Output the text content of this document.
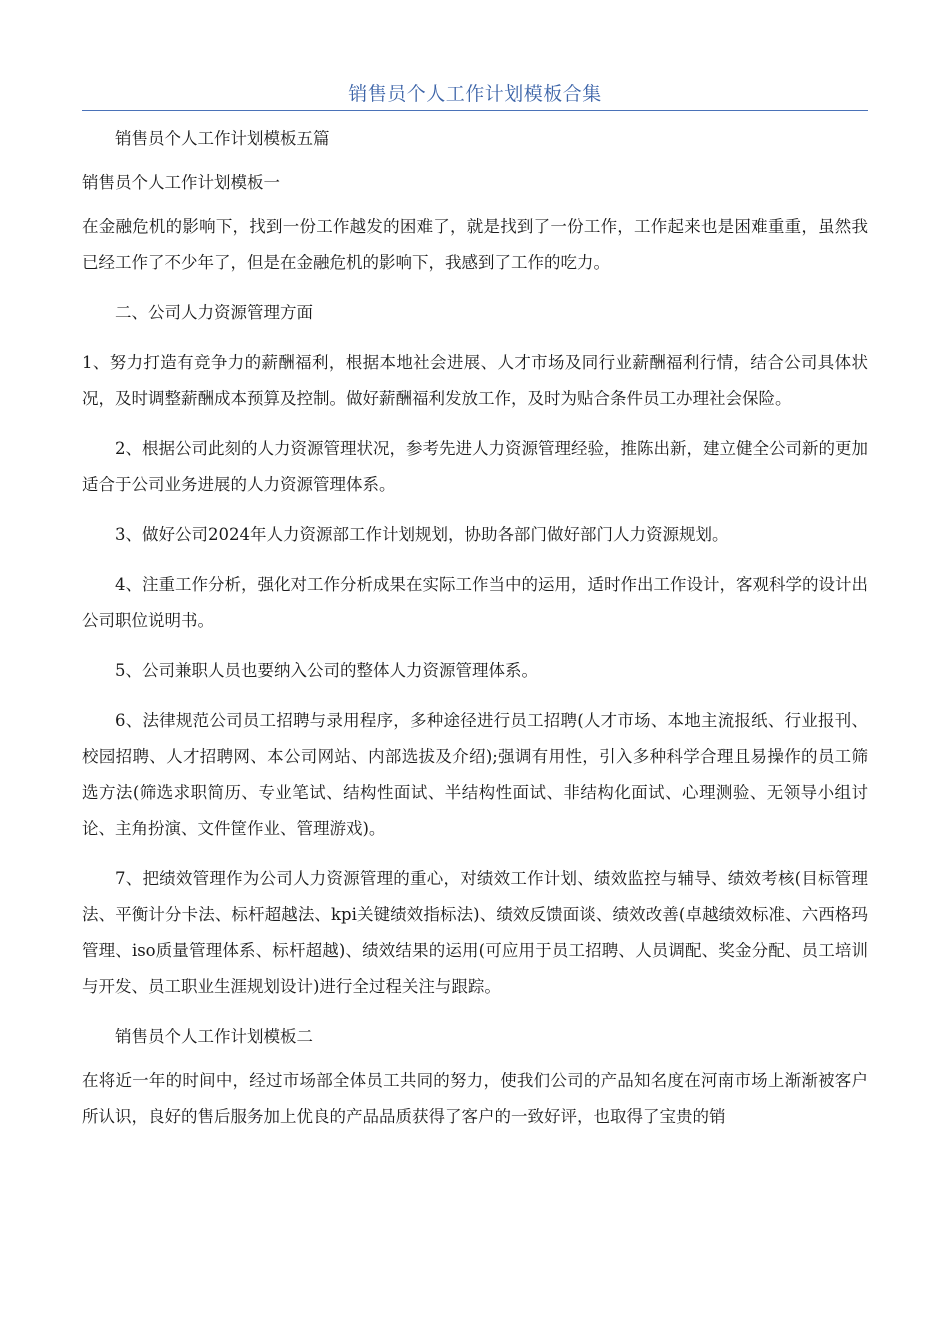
销售员个人工作计划模板合集

销售员个人工作计划模板五篇

销售员个人工作计划模板一

在金融危机的影响下，找到一份工作越发的困难了，就是找到了一份工作，工作起来也是困难重重，虽然我已经工作了不少年了，但是在金融危机的影响下，我感到了工作的吃力。

二、公司人力资源管理方面

1、努力打造有竞争力的薪酬福利，根据本地社会进展、人才市场及同行业薪酬福利行情，结合公司具体状况，及时调整薪酬成本预算及控制。做好薪酬福利发放工作，及时为贴合条件员工办理社会保险。

2、根据公司此刻的人力资源管理状况，参考先进人力资源管理经验，推陈出新，建立健全公司新的更加适合于公司业务进展的人力资源管理体系。

3、做好公司2024年人力资源部工作计划规划，协助各部门做好部门人力资源规划。

4、注重工作分析，强化对工作分析成果在实际工作当中的运用，适时作出工作设计，客观科学的设计出公司职位说明书。

5、公司兼职人员也要纳入公司的整体人力资源管理体系。

6、法律规范公司员工招聘与录用程序，多种途径进行员工招聘(人才市场、本地主流报纸、行业报刊、校园招聘、人才招聘网、本公司网站、内部选拔及介绍);强调有用性，引入多种科学合理且易操作的员工筛选方法(筛选求职简历、专业笔试、结构性面试、半结构性面试、非结构化面试、心理测验、无领导小组讨论、主角扮演、文件筐作业、管理游戏)。

7、把绩效管理作为公司人力资源管理的重心，对绩效工作计划、绩效监控与辅导、绩效考核(目标管理法、平衡计分卡法、标杆超越法、kpi关键绩效指标法)、绩效反馈面谈、绩效改善(卓越绩效标准、六西格玛管理、iso质量管理体系、标杆超越)、绩效结果的运用(可应用于员工招聘、人员调配、奖金分配、员工培训与开发、员工职业生涯规划设计)进行全过程关注与跟踪。

销售员个人工作计划模板二

在将近一年的时间中，经过市场部全体员工共同的努力，使我们公司的产品知名度在河南市场上渐渐被客户所认识，良好的售后服务加上优良的产品品质获得了客户的一致好评，也取得了宝贵的销
